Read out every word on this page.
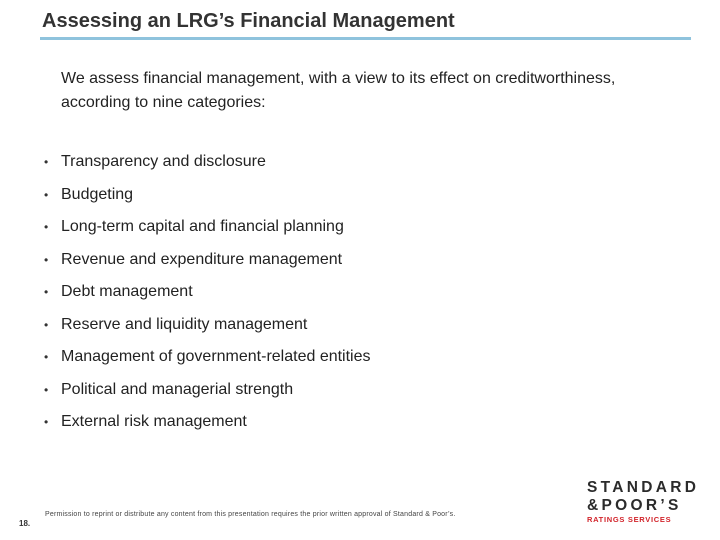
Assessing an LRG’s Financial Management
We assess financial management, with a view to its effect on creditworthiness, according to nine categories:
• Transparency and disclosure
• Budgeting
• Long-term capital and financial planning
• Revenue and expenditure management
• Debt management
• Reserve and liquidity management
• Management of government-related entities
• Political and managerial strength
• External risk management
18.
Permission to reprint or distribute any content from this presentation requires the prior written approval of Standard & Poor’s.
STANDARD
&POOR’S
RATINGS SERVICES
